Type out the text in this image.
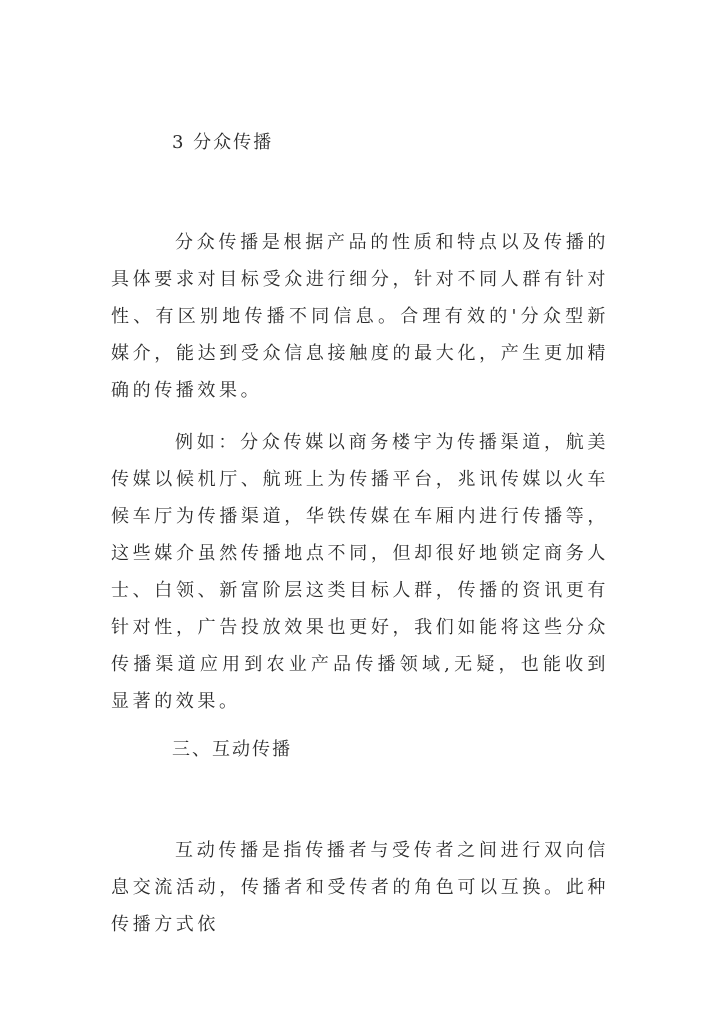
3 分众传播

分众传播是根据产品的性质和特点以及传播的具体要求对目标受众进行细分，针对不同人群有针对性、有区别地传播不同信息。合理有效的'分众型新媒介，能达到受众信息接触度的最大化，产生更加精确的传播效果。

例如：分众传媒以商务楼宇为传播渠道，航美传媒以候机厅、航班上为传播平台，兆讯传媒以火车候车厅为传播渠道，华铁传媒在车厢内进行传播等，这些媒介虽然传播地点不同，但却很好地锁定商务人士、白领、新富阶层这类目标人群，传播的资讯更有针对性，广告投放效果也更好，我们如能将这些分众传播渠道应用到农业产品传播领域,无疑，也能收到显著的效果。

三、互动传播

互动传播是指传播者与受传者之间进行双向信息交流活动，传播者和受传者的角色可以互换。此种传播方式依
